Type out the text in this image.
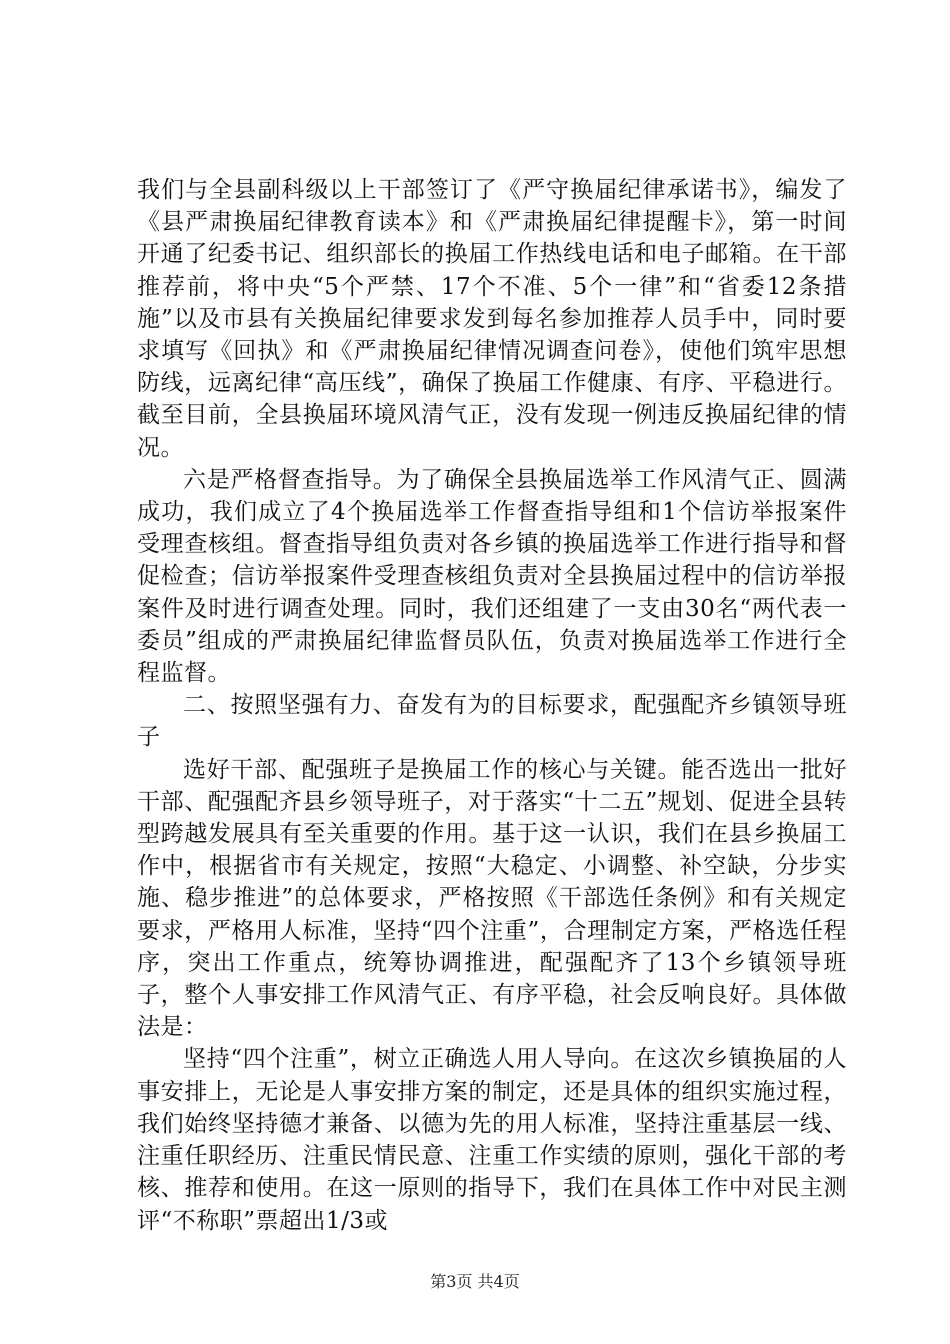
我们与全县副科级以上干部签订了《严守换届纪律承诺书》，编发了《县严肃换届纪律教育读本》和《严肃换届纪律提醒卡》，第一时间开通了纪委书记、组织部长的换届工作热线电话和电子邮箱。在干部推荐前，将中央“5个严禁、17个不准、5个一律”和“省委12条措施”以及市县有关换届纪律要求发到每名参加推荐人员手中，同时要求填写《回执》和《严肃换届纪律情况调查问卷》，使他们筑牢思想防线，远离纪律“高压线”，确保了换届工作健康、有序、平稳进行。截至目前，全县换届环境风清气正，没有发现一例违反换届纪律的情况。

六是严格督查指导。为了确保全县换届选举工作风清气正、圆满成功，我们成立了4个换届选举工作督查指导组和1个信访举报案件受理查核组。督查指导组负责对各乡镇的换届选举工作进行指导和督促检查；信访举报案件受理查核组负责对全县换届过程中的信访举报案件及时进行调查处理。同时，我们还组建了一支由30名“两代表一委员”组成的严肃换届纪律监督员队伍，负责对换届选举工作进行全程监督。

二、按照坚强有力、奋发有为的目标要求，配强配齐乡镇领导班子

选好干部、配强班子是换届工作的核心与关键。能否选出一批好干部、配强配齐县乡领导班子，对于落实“十二五”规划、促进全县转型跨越发展具有至关重要的作用。基于这一认识，我们在县乡换届工作中，根据省市有关规定，按照“大稳定、小调整、补空缺，分步实施、稳步推进”的总体要求，严格按照《干部选任条例》和有关规定要求，严格用人标准，坚持“四个注重”，合理制定方案，严格选任程序，突出工作重点，统筹协调推进，配强配齐了13个乡镇领导班子，整个人事安排工作风清气正、有序平稳，社会反响良好。具体做法是：

坚持“四个注重”，树立正确选人用人导向。在这次乡镇换届的人事安排上，无论是人事安排方案的制定，还是具体的组织实施过程，我们始终坚持德才兼备、以德为先的用人标准，坚持注重基层一线、注重任职经历、注重民情民意、注重工作实绩的原则，强化干部的考核、推荐和使用。在这一原则的指导下，我们在具体工作中对民主测评“不称职”票超出1/3或

第3页 共4页
